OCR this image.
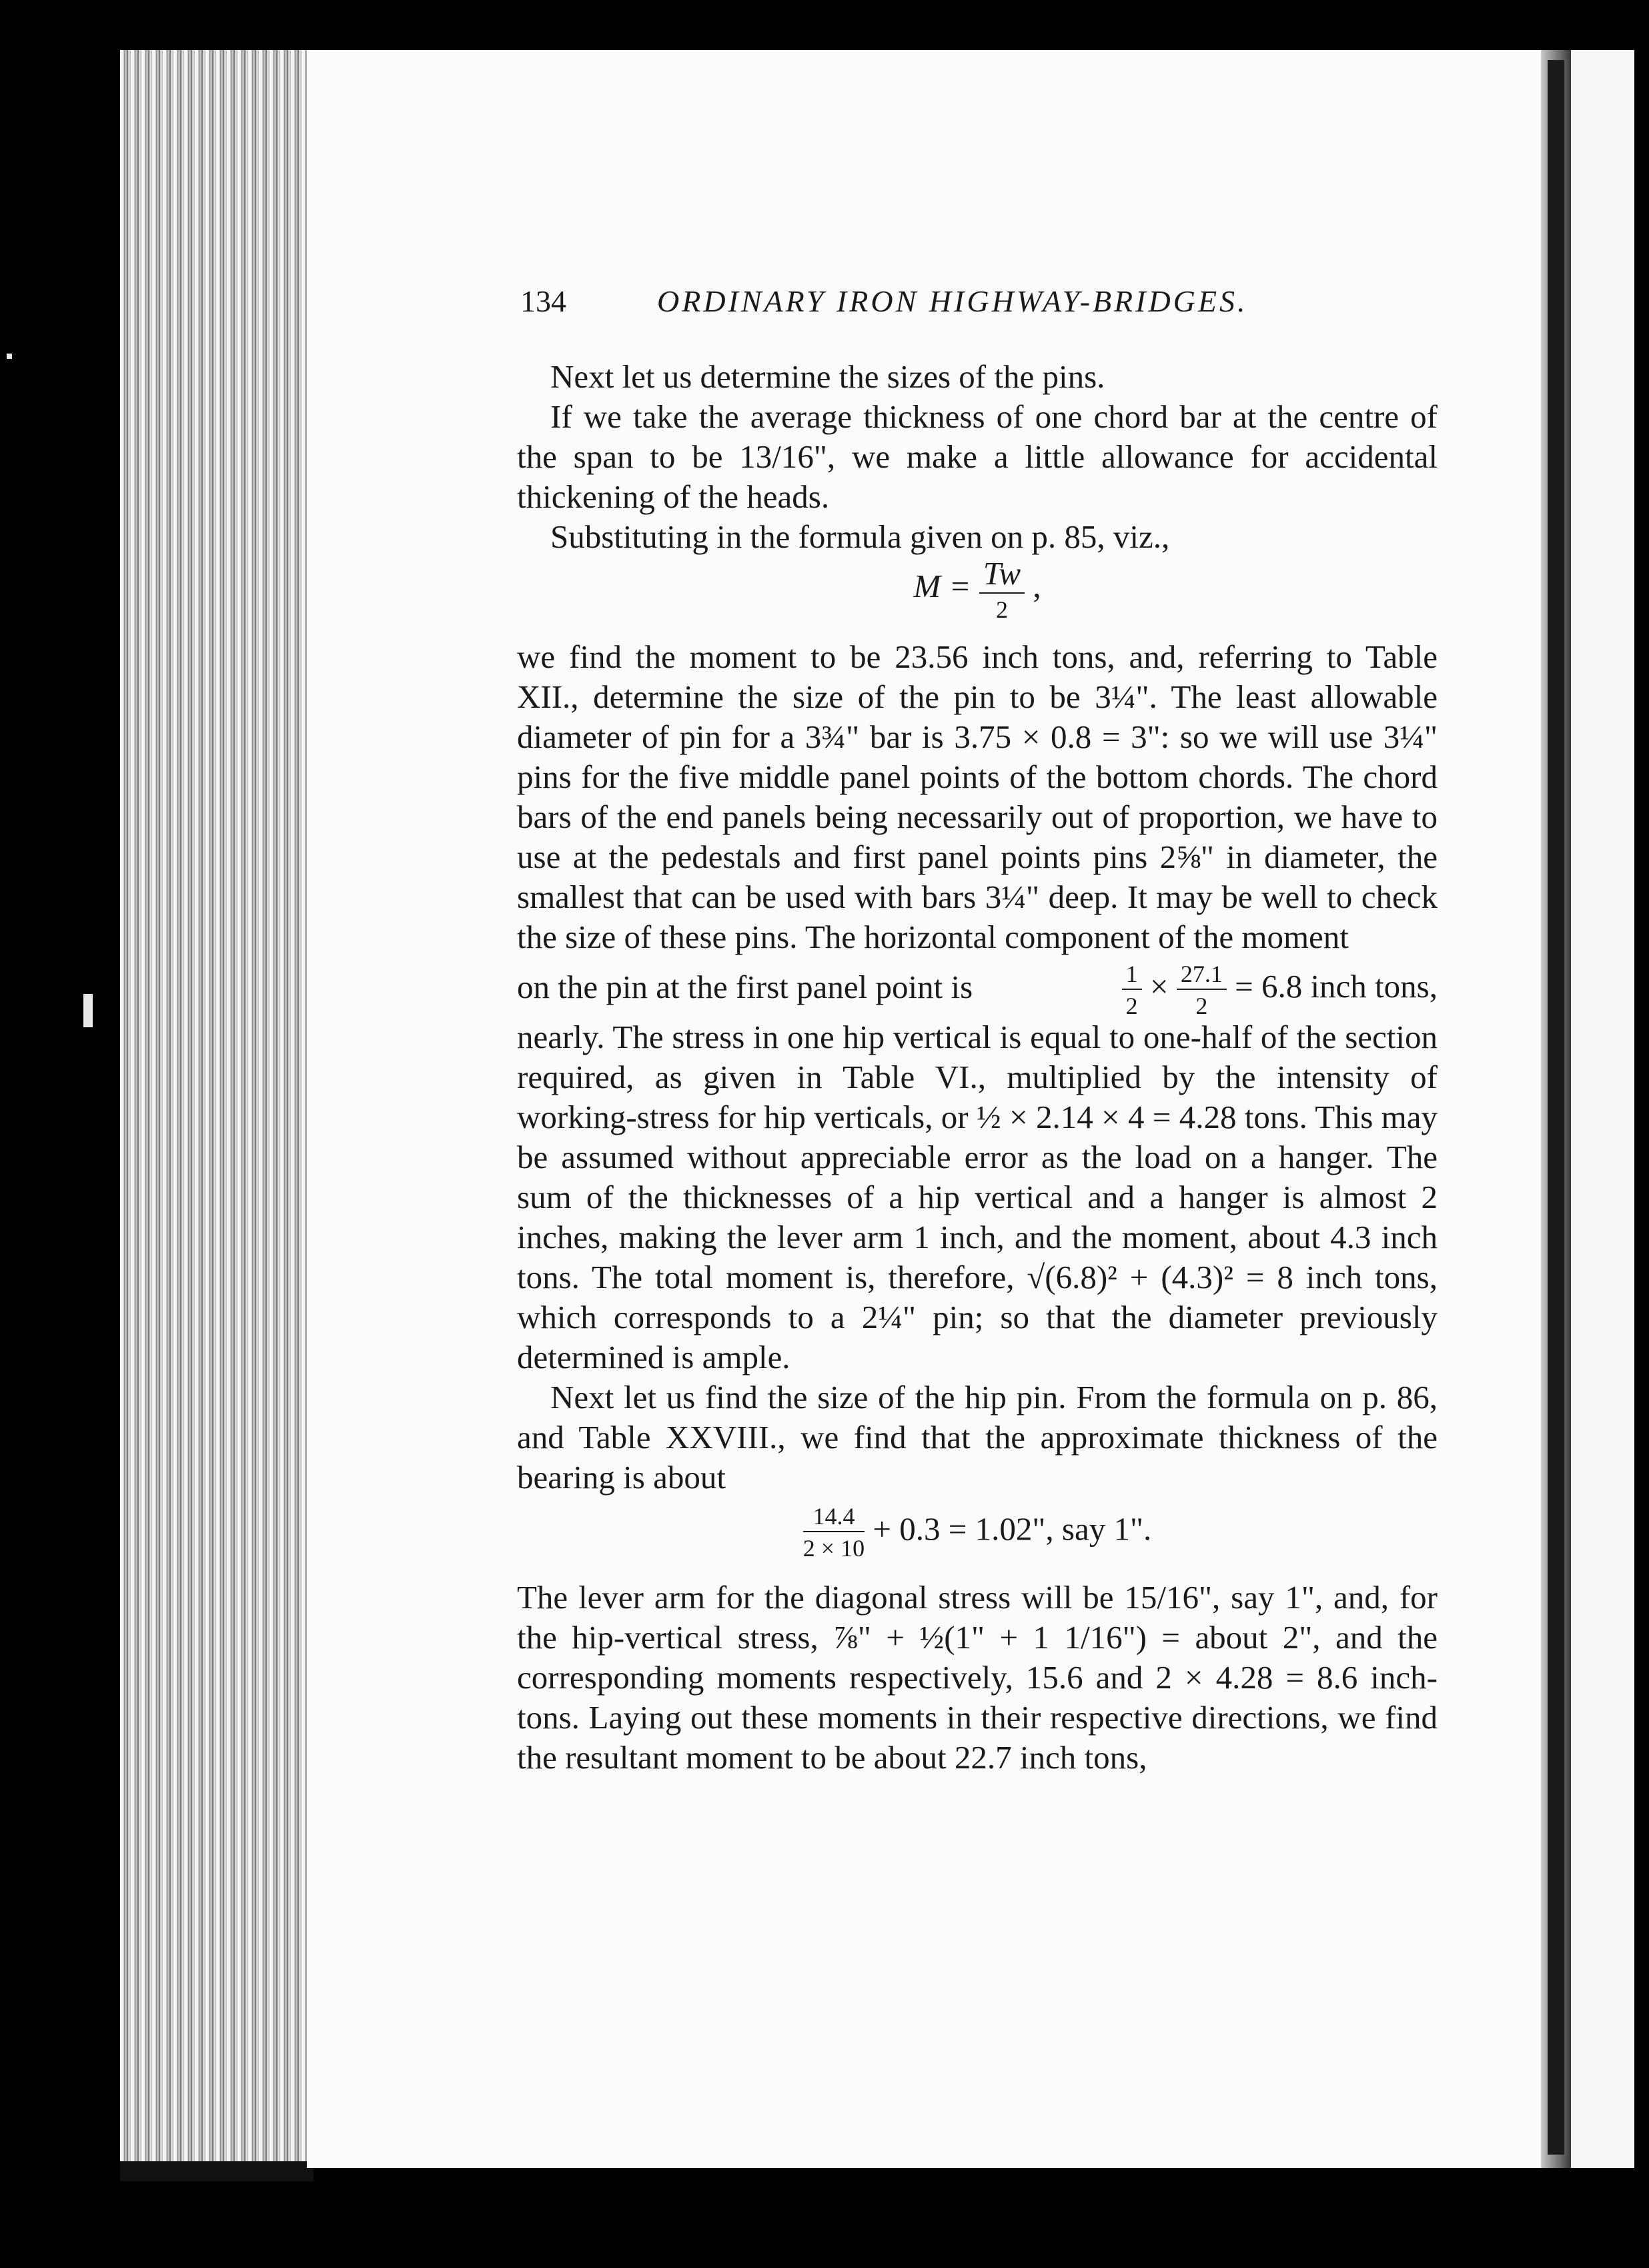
134	ORDINARY IRON HIGHWAY-BRIDGES.

Next let us determine the sizes of the pins.

If we take the average thickness of one chord bar at the centre of the span to be 13/16", we make a little allowance for accidental thickening of the heads.

Substituting in the formula given on p. 85, viz.,

$M = \frac{Tw}{2}$ ,

we find the moment to be 23.56 inch tons, and, referring to Table XII., determine the size of the pin to be 3¼". The least allowable diameter of pin for a 3¾" bar is 3.75 × 0.8 = 3": so we will use 3¼" pins for the five middle panel points of the bottom chords. The chord bars of the end panels being necessarily out of proportion, we have to use at the pedestals and first panel points pins 2⅝" in diameter, the smallest that can be used with bars 3¼" deep. It may be well to check the size of these pins. The horizontal component of the moment

on the pin at the first panel point is	$\frac{1}{2} \times \frac{27.1}{2} = 6.8$ inch tons,

nearly. The stress in one hip vertical is equal to one-half of the section required, as given in Table VI., multiplied by the intensity of working-stress for hip verticals, or ½ × 2.14 × 4 = 4.28 tons. This may be assumed without appreciable error as the load on a hanger. The sum of the thicknesses of a hip vertical and a hanger is almost 2 inches, making the lever arm 1 inch, and the moment, about 4.3 inch tons. The total moment is, therefore, √(6.8)² + (4.3)² = 8 inch tons, which corresponds to a 2¼" pin; so that the diameter previously determined is ample.

Next let us find the size of the hip pin. From the formula on p. 86, and Table XXVIII., we find that the approximate thickness of the bearing is about

$\frac{14.4}{2 \times 10} + 0.3 = 1.02$", say 1".

The lever arm for the diagonal stress will be 15/16", say 1", and, for the hip-vertical stress, ⅞" + ½(1" + 1 1/16") = about 2", and the corresponding moments respectively, 15.6 and 2 × 4.28 = 8.6 inch-tons. Laying out these moments in their respective directions, we find the resultant moment to be about 22.7 inch tons,
